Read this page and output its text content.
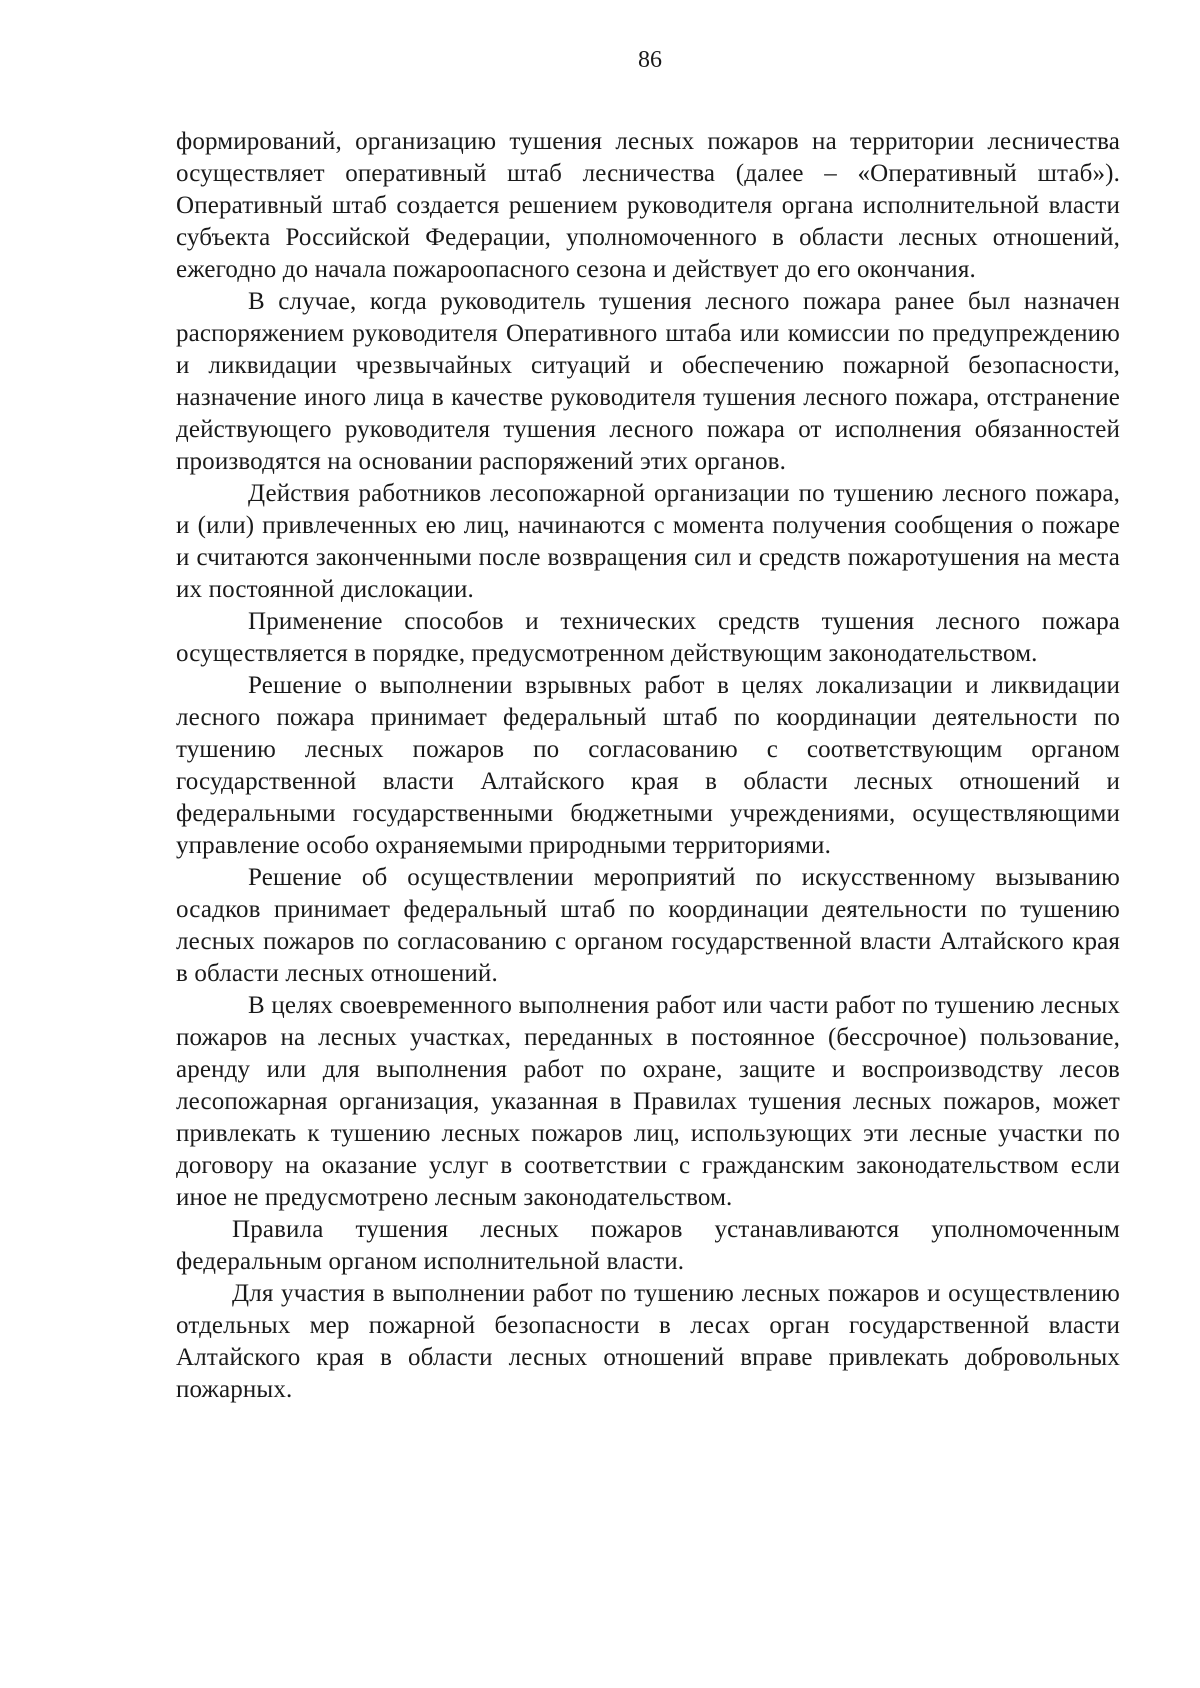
86

формирований, организацию тушения лесных пожаров на территории лесничества осуществляет оперативный штаб лесничества (далее – «Оперативный штаб»). Оперативный штаб создается решением руководителя органа исполнительной власти субъекта Российской Федерации, уполномоченного в области лесных отношений, ежегодно до начала пожароопасного сезона и действует до его окончания.

В случае, когда руководитель тушения лесного пожара ранее был назначен распоряжением руководителя Оперативного штаба или комиссии по предупреждению и ликвидации чрезвычайных ситуаций и обеспечению пожарной безопасности, назначение иного лица в качестве руководителя тушения лесного пожара, отстранение действующего руководителя тушения лесного пожара от исполнения обязанностей производятся на основании распоряжений этих органов.

Действия работников лесопожарной организации по тушению лесного пожара, и (или) привлеченных ею лиц, начинаются с момента получения сообщения о пожаре и считаются законченными после возвращения сил и средств пожаротушения на места их постоянной дислокации.

Применение способов и технических средств тушения лесного пожара осуществляется в порядке, предусмотренном действующим законодательством.

Решение о выполнении взрывных работ в целях локализации и ликвидации лесного пожара принимает федеральный штаб по координации деятельности по тушению лесных пожаров по согласованию с соответствующим органом государственной власти Алтайского края в области лесных отношений и федеральными государственными бюджетными учреждениями, осуществляющими управление особо охраняемыми природными территориями.

Решение об осуществлении мероприятий по искусственному вызыванию осадков принимает федеральный штаб по координации деятельности по тушению лесных пожаров по согласованию с органом государственной власти Алтайского края в области лесных отношений.

В целях своевременного выполнения работ или части работ по тушению лесных пожаров на лесных участках, переданных в постоянное (бессрочное) пользование, аренду или для выполнения работ по охране, защите и воспроизводству лесов лесопожарная организация, указанная в Правилах тушения лесных пожаров, может привлекать к тушению лесных пожаров лиц, использующих эти лесные участки по договору на оказание услуг в соответствии с гражданским законодательством если иное не предусмотрено лесным законодательством.

Правила тушения лесных пожаров устанавливаются уполномоченным федеральным органом исполнительной власти.

Для участия в выполнении работ по тушению лесных пожаров и осуществлению отдельных мер пожарной безопасности в лесах орган государственной власти Алтайского края в области лесных отношений вправе привлекать добровольных пожарных.
